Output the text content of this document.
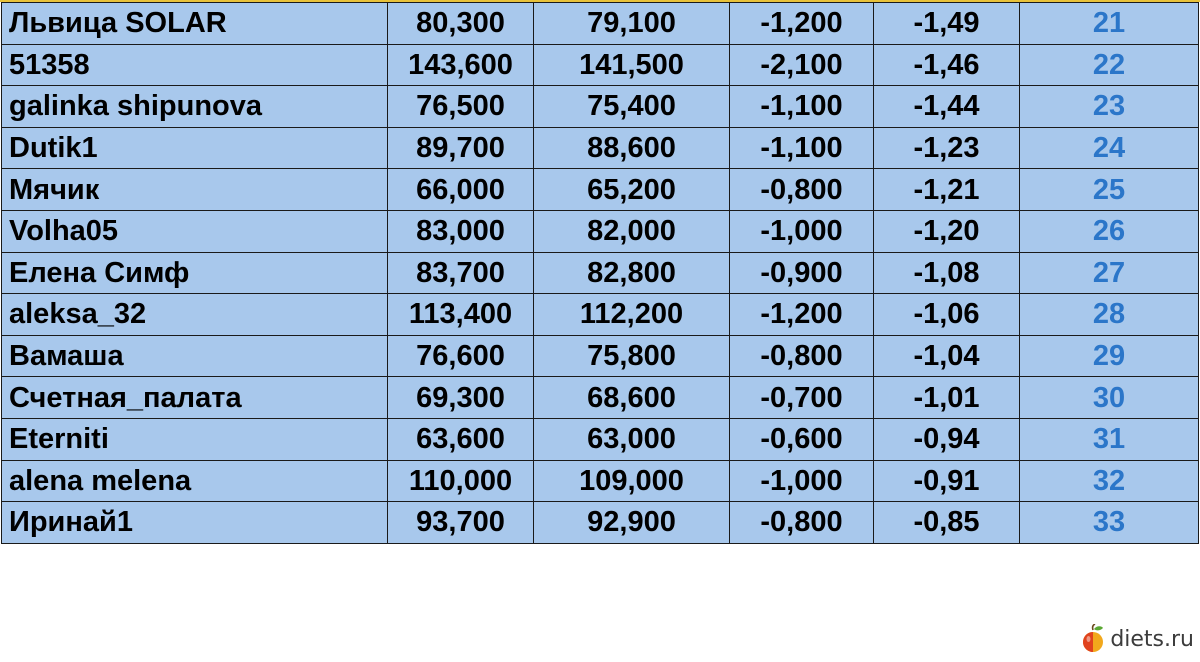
Львица SOLAR	80,300	79,100	-1,200	-1,49	21
51358	143,600	141,500	-2,100	-1,46	22
galinka shipunova	76,500	75,400	-1,100	-1,44	23
Dutik1	89,700	88,600	-1,100	-1,23	24
Мячик	66,000	65,200	-0,800	-1,21	25
Volha05	83,000	82,000	-1,000	-1,20	26
Елена Симф	83,700	82,800	-0,900	-1,08	27
aleksa_32	113,400	112,200	-1,200	-1,06	28
Вамаша	76,600	75,800	-0,800	-1,04	29
Счетная_палата	69,300	68,600	-0,700	-1,01	30
Eterniti	63,600	63,000	-0,600	-0,94	31
alena melena	110,000	109,000	-1,000	-0,91	32
Иринай1	93,700	92,900	-0,800	-0,85	33
diets.ru
